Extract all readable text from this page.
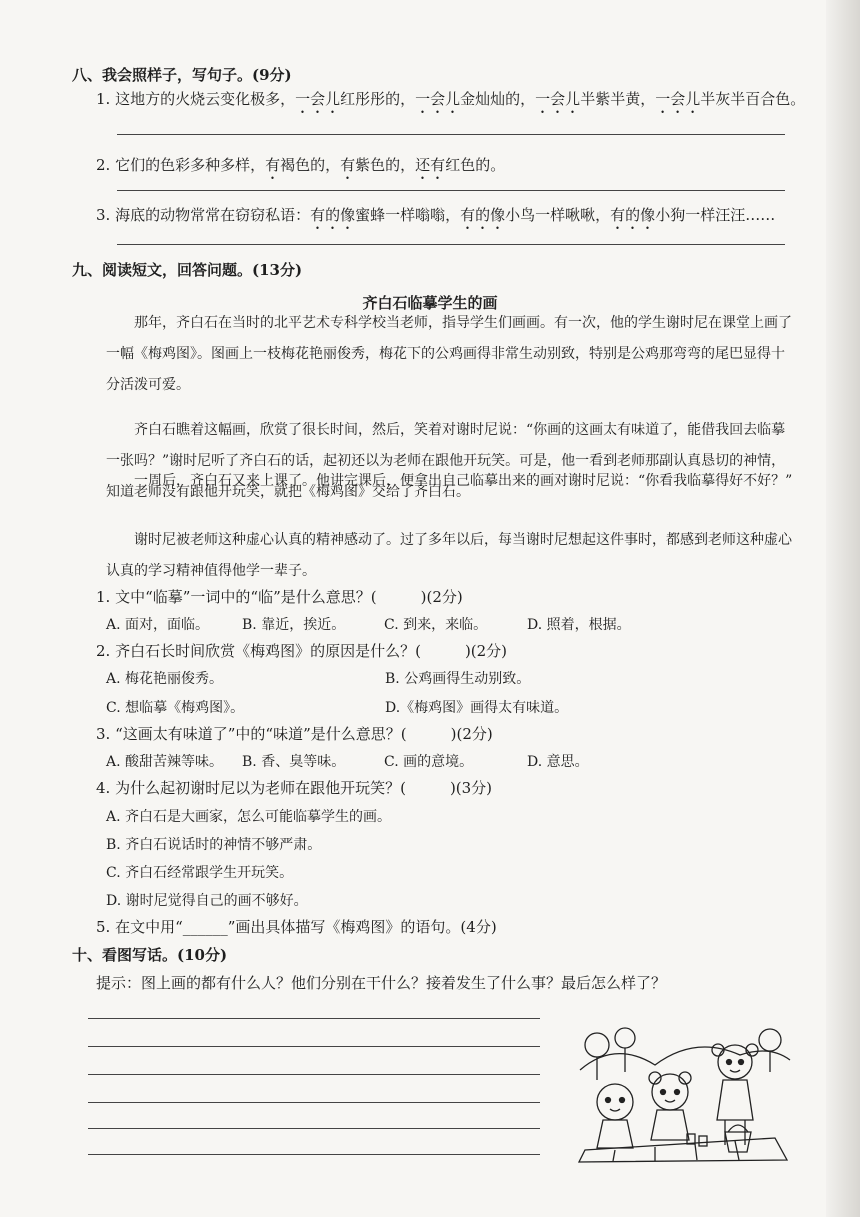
八、我会照样子，写句子。(9分)
1. 这地方的火烧云变化极多，一会儿红彤彤的，一会儿金灿灿的，一会儿半紫半黄，一会儿半灰半百合色。
2. 它们的色彩多种多样，有褐色的，有紫色的，还有红色的。
3. 海底的动物常常在窃窃私语：有的像蜜蜂一样嗡嗡，有的像小鸟一样啾啾，有的像小狗一样汪汪……
九、阅读短文，回答问题。(13分)
齐白石临摹学生的画
那年，齐白石在当时的北平艺术专科学校当老师，指导学生们画画。有一次，他的学生谢时尼在课堂上画了一幅《梅鸡图》。图画上一枝梅花艳丽俊秀，梅花下的公鸡画得非常生动别致，特别是公鸡那弯弯的尾巴显得十分活泼可爱。
齐白石瞧着这幅画，欣赏了很长时间，然后，笑着对谢时尼说：“你画的这画太有味道了，能借我回去临摹一张吗？”谢时尼听了齐白石的话，起初还以为老师在跟他开玩笑。可是，他一看到老师那副认真恳切的神情，知道老师没有跟他开玩笑，就把《梅鸡图》交给了齐白石。
一周后，齐白石又来上课了。他讲完课后，便拿出自己临摹出来的画对谢时尼说：“你看我临摹得好不好？”
谢时尼被老师这种虚心认真的精神感动了。过了多年以后，每当谢时尼想起这件事时，都感到老师这种虚心认真的学习精神值得他学一辈子。
1. 文中“临摹”一词中的“临”是什么意思？(	)(2分)
A. 面对，面临。 B. 靠近，挨近。	C. 到来，来临。	D. 照着，根据。
2. 齐白石长时间欣赏《梅鸡图》的原因是什么？(	)(2分)
A. 梅花艳丽俊秀。	B. 公鸡画得生动别致。
C. 想临摹《梅鸡图》。	D.《梅鸡图》画得太有味道。
3. “这画太有味道了”中的“味道”是什么意思？(	)(2分)
A. 酸甜苦辣等味。 B. 香、臭等味。	C. 画的意境。	D. 意思。
4. 为什么起初谢时尼以为老师在跟他开玩笑？(	)(3分)
A. 齐白石是大画家，怎么可能临摹学生的画。
B. 齐白石说话时的神情不够严肃。
C. 齐白石经常跟学生开玩笑。
D. 谢时尼觉得自己的画不够好。
5. 在文中用“______”画出具体描写《梅鸡图》的语句。(4分)
十、看图写话。(10分)
提示：图上画的都有什么人？他们分别在干什么？接着发生了什么事？最后怎么样了？
